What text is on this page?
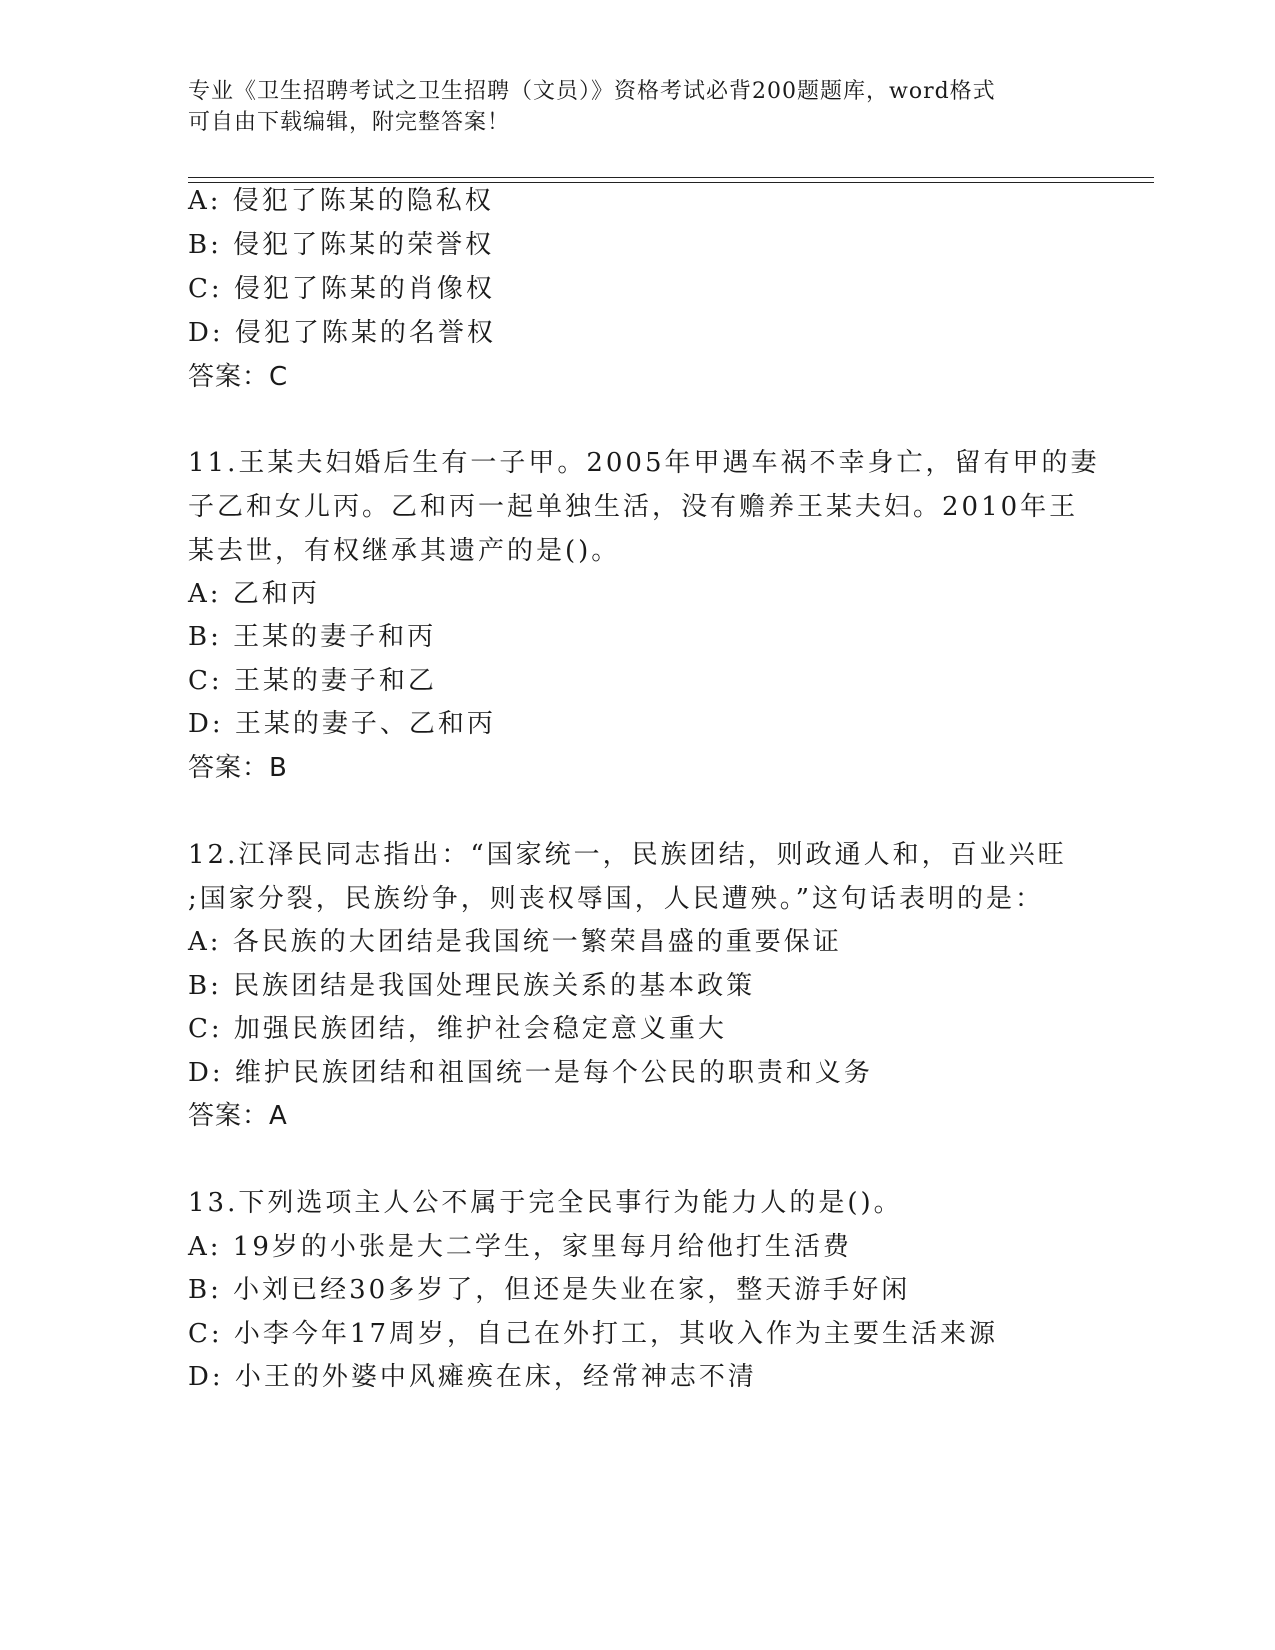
专业《卫生招聘考试之卫生招聘（文员）》资格考试必背200题题库，word格式
可自由下载编辑，附完整答案！
A: 侵犯了陈某的隐私权
B: 侵犯了陈某的荣誉权
C: 侵犯了陈某的肖像权
D: 侵犯了陈某的名誉权
答案：C
11.王某夫妇婚后生有一子甲。2005年甲遇车祸不幸身亡，留有甲的妻
子乙和女儿丙。乙和丙一起单独生活，没有赡养王某夫妇。2010年王
某去世，有权继承其遗产的是()。
A: 乙和丙
B: 王某的妻子和丙
C: 王某的妻子和乙
D: 王某的妻子、乙和丙
答案：B
12.江泽民同志指出：“国家统一，民族团结，则政通人和，百业兴旺
;国家分裂，民族纷争，则丧权辱国，人民遭殃。”这句话表明的是：
A: 各民族的大团结是我国统一繁荣昌盛的重要保证
B: 民族团结是我国处理民族关系的基本政策
C: 加强民族团结，维护社会稳定意义重大
D: 维护民族团结和祖国统一是每个公民的职责和义务
答案：A
13.下列选项主人公不属于完全民事行为能力人的是()。
A: 19岁的小张是大二学生，家里每月给他打生活费
B: 小刘已经30多岁了，但还是失业在家，整天游手好闲
C: 小李今年17周岁，自己在外打工，其收入作为主要生活来源
D: 小王的外婆中风瘫痪在床，经常神志不清
